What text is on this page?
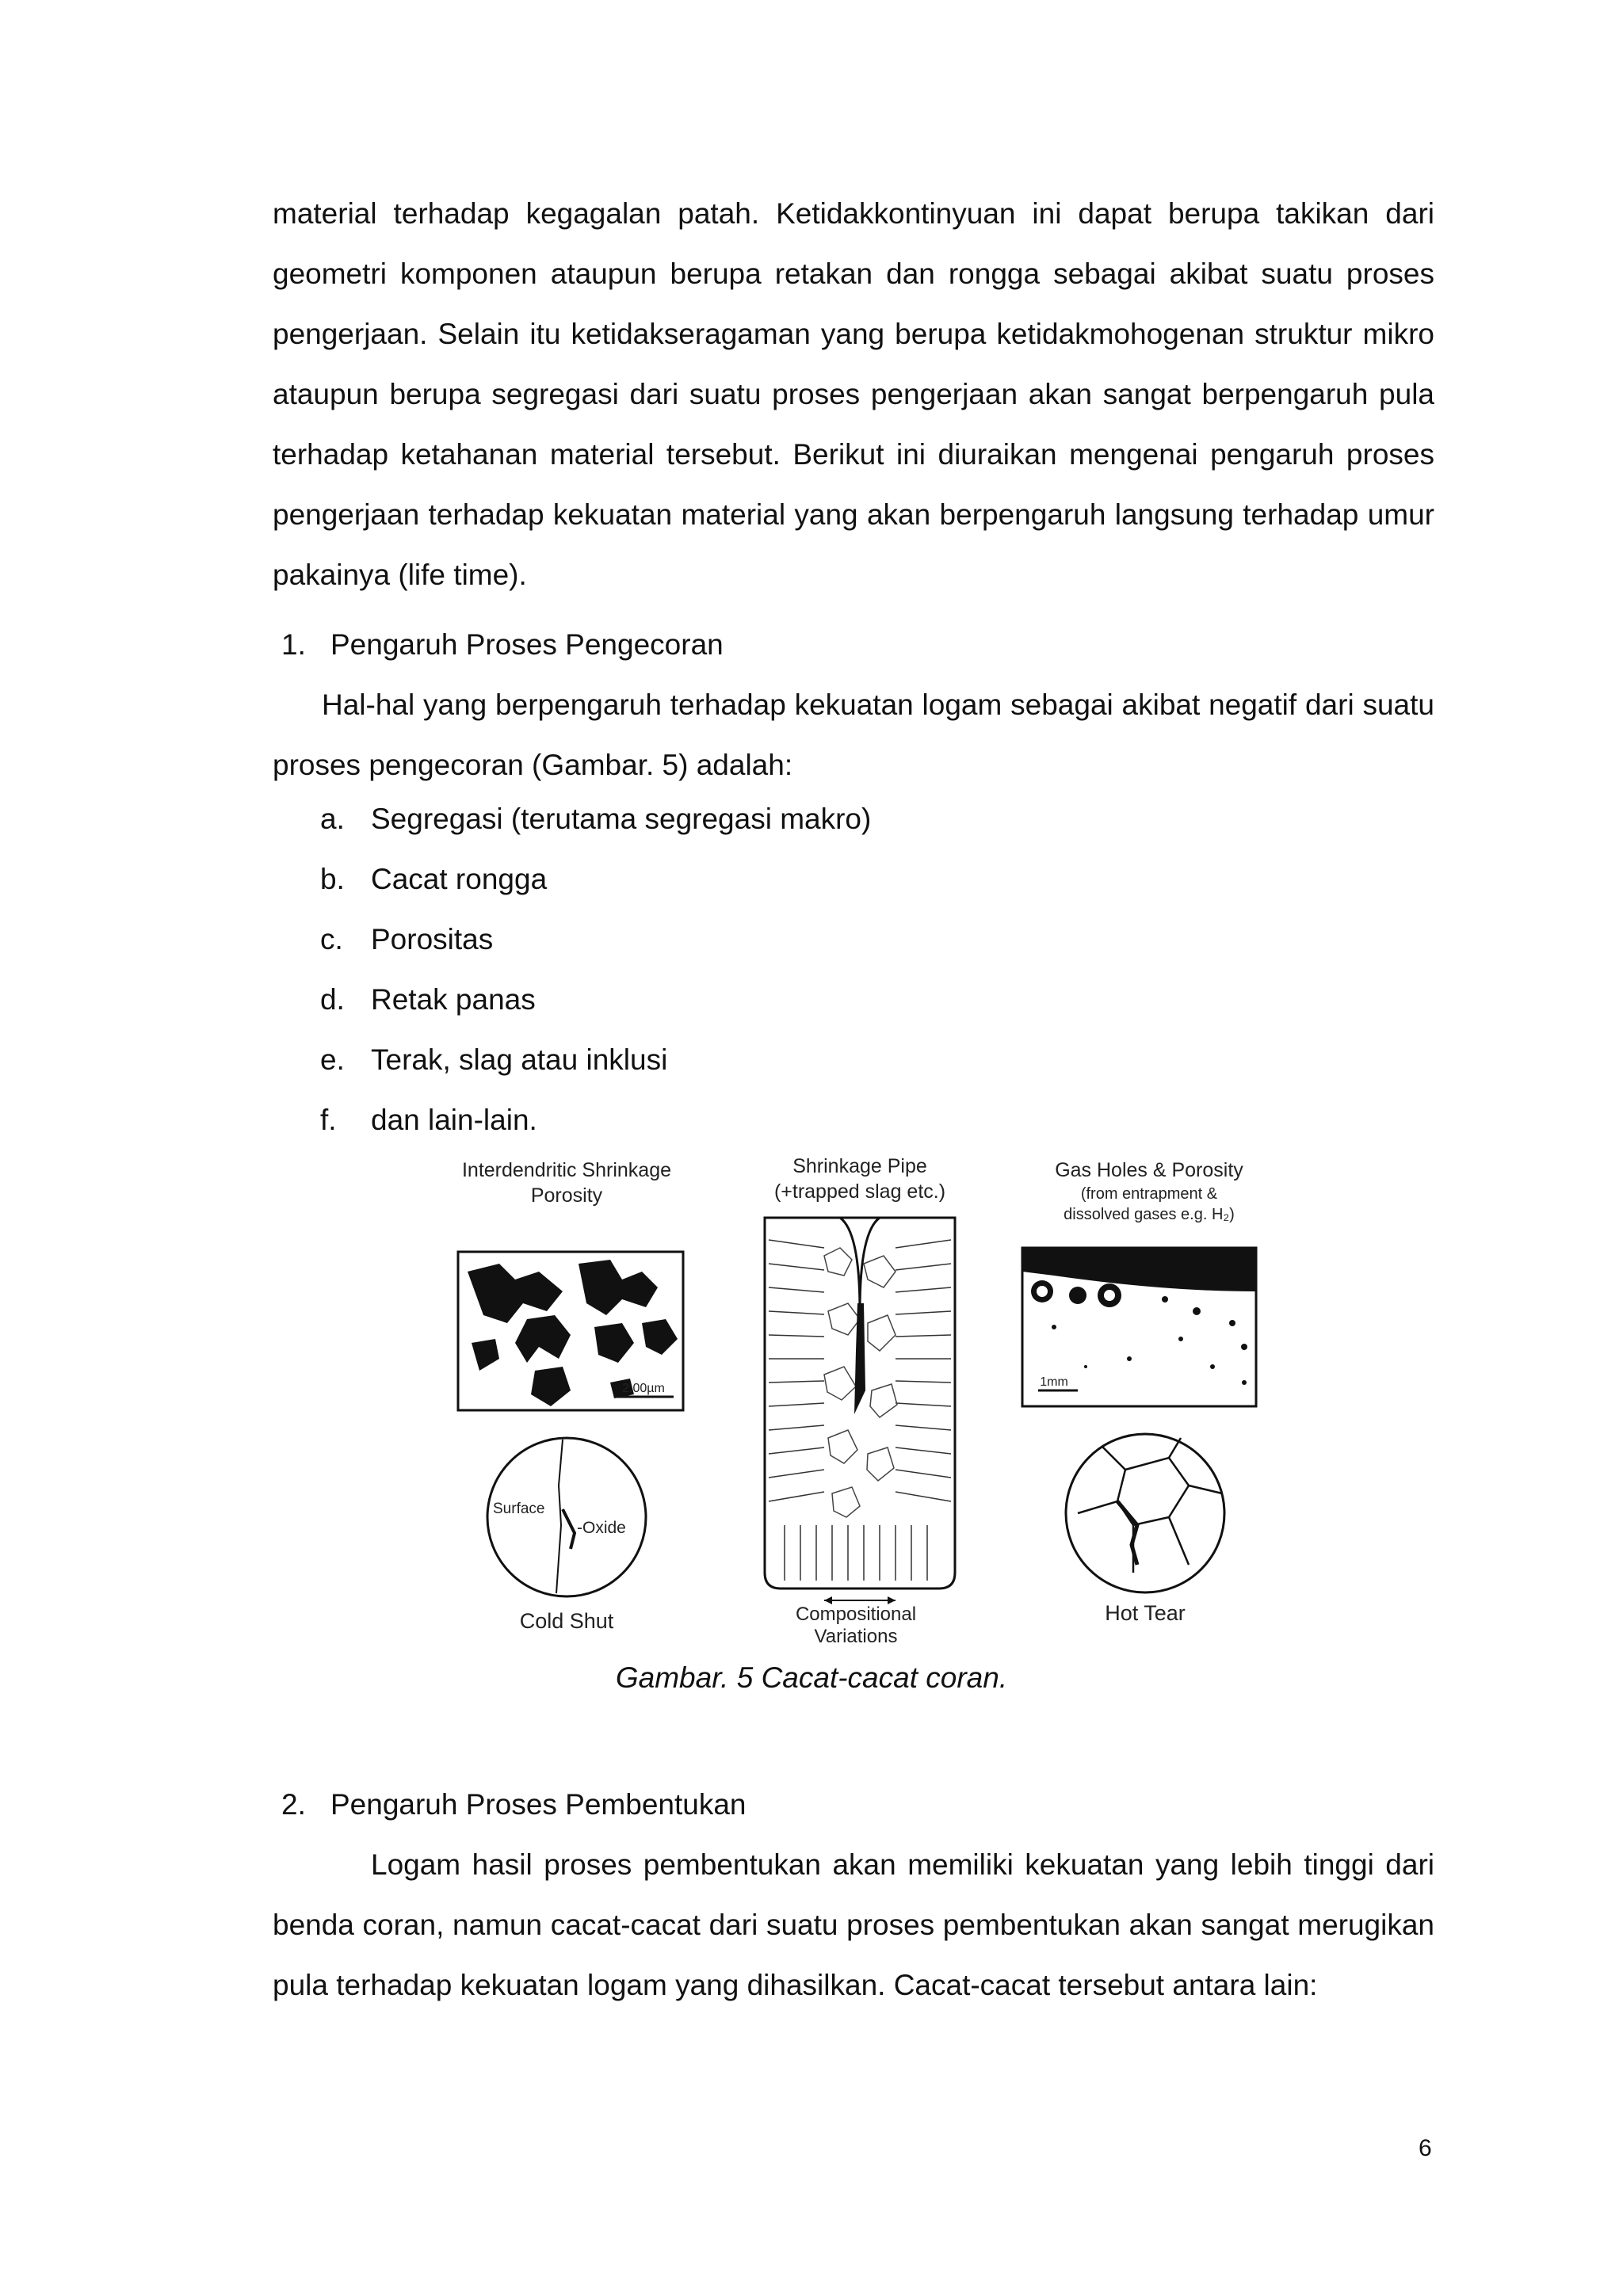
material terhadap kegagalan patah. Ketidakkontinyuan ini dapat berupa takikan dari geometri komponen ataupun berupa retakan dan rongga sebagai akibat suatu proses pengerjaan. Selain itu ketidakseragaman yang berupa ketidakmohogenan struktur mikro ataupun berupa segregasi dari suatu proses pengerjaan akan sangat berpengaruh pula terhadap ketahanan material tersebut. Berikut ini diuraikan mengenai pengaruh proses pengerjaan terhadap kekuatan material yang akan berpengaruh langsung terhadap umur pakainya (life time).

1. Pengaruh Proses Pengecoran

Hal-hal yang berpengaruh terhadap kekuatan logam sebagai akibat negatif dari suatu proses pengecoran (Gambar. 5) adalah:

a. Segregasi (terutama segregasi makro)
b. Cacat rongga
c. Porositas
d. Retak panas
e. Terak, slag atau inklusi
f. dan lain-lain.
Interdendritic Shrinkage
Porosity
2.00µm
Surface
-Oxide
Cold Shut
Shrinkage Pipe
(+trapped slag etc.)
Compositional
Variations
Gas Holes & Porosity
(from entrapment &
dissolved gases e.g. H₂)
1mm
Hot Tear
Gambar. 5 Cacat-cacat coran.

2. Pengaruh Proses Pembentukan

Logam hasil proses pembentukan akan memiliki kekuatan yang lebih tinggi dari benda coran, namun cacat-cacat dari suatu proses pembentukan akan sangat merugikan pula terhadap kekuatan logam yang dihasilkan. Cacat-cacat tersebut antara lain:

6
